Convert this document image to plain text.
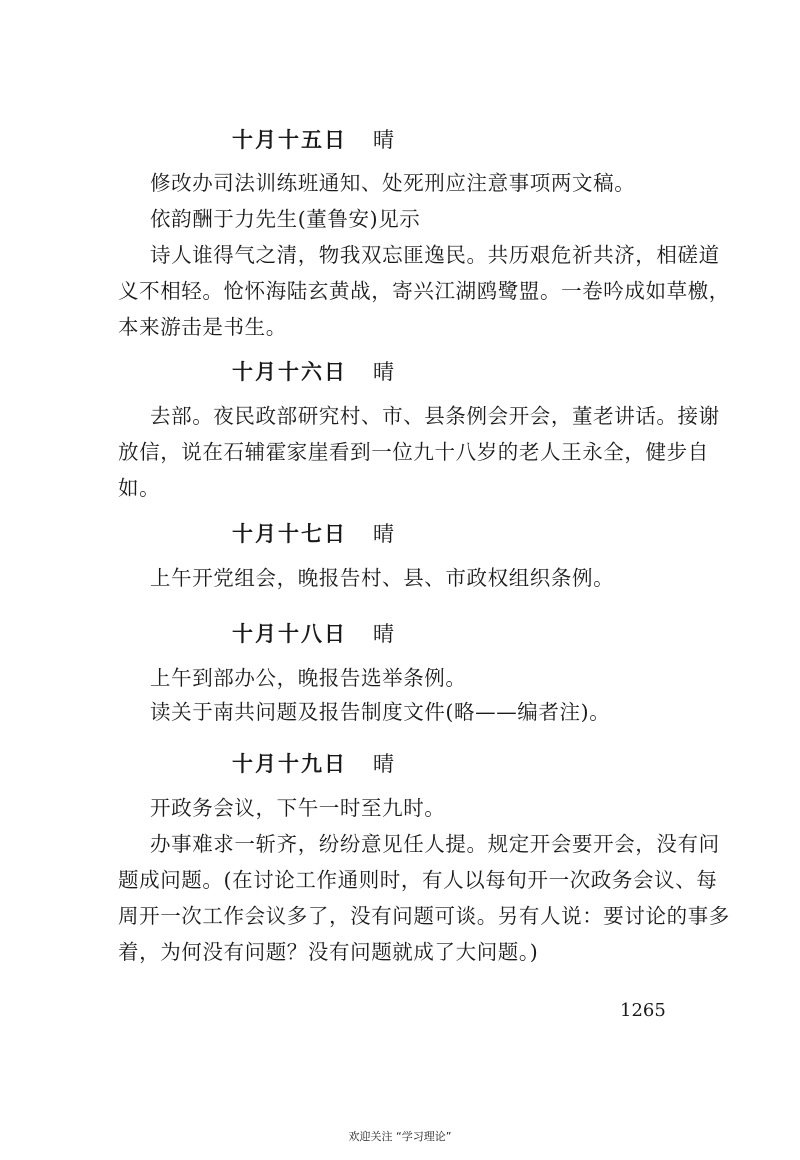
十月十五日 晴
修改办司法训练班通知、处死刑应注意事项两文稿。
依韵酬于力先生(董鲁安)见示
诗人谁得气之清，物我双忘匪逸民。共历艰危祈共济，相磋道
义不相轻。怆怀海陆玄黄战，寄兴江湖鸥鹭盟。一卷吟成如草檄，
本来游击是书生。
十月十六日 晴
去部。夜民政部研究村、市、县条例会开会，董老讲话。接谢
放信，说在石辅霍家崖看到一位九十八岁的老人王永全，健步自
如。
十月十七日 晴
上午开党组会，晚报告村、县、市政权组织条例。
十月十八日 晴
上午到部办公，晚报告选举条例。
读关于南共问题及报告制度文件(略——编者注)。
十月十九日 晴
开政务会议，下午一时至九时。
办事难求一斩齐，纷纷意见任人提。规定开会要开会，没有问
题成问题。(在讨论工作通则时，有人以每旬开一次政务会议、每
周开一次工作会议多了，没有问题可谈。另有人说：要讨论的事多
着，为何没有问题？没有问题就成了大问题。)
1265
欢迎关注 “学习理论”
